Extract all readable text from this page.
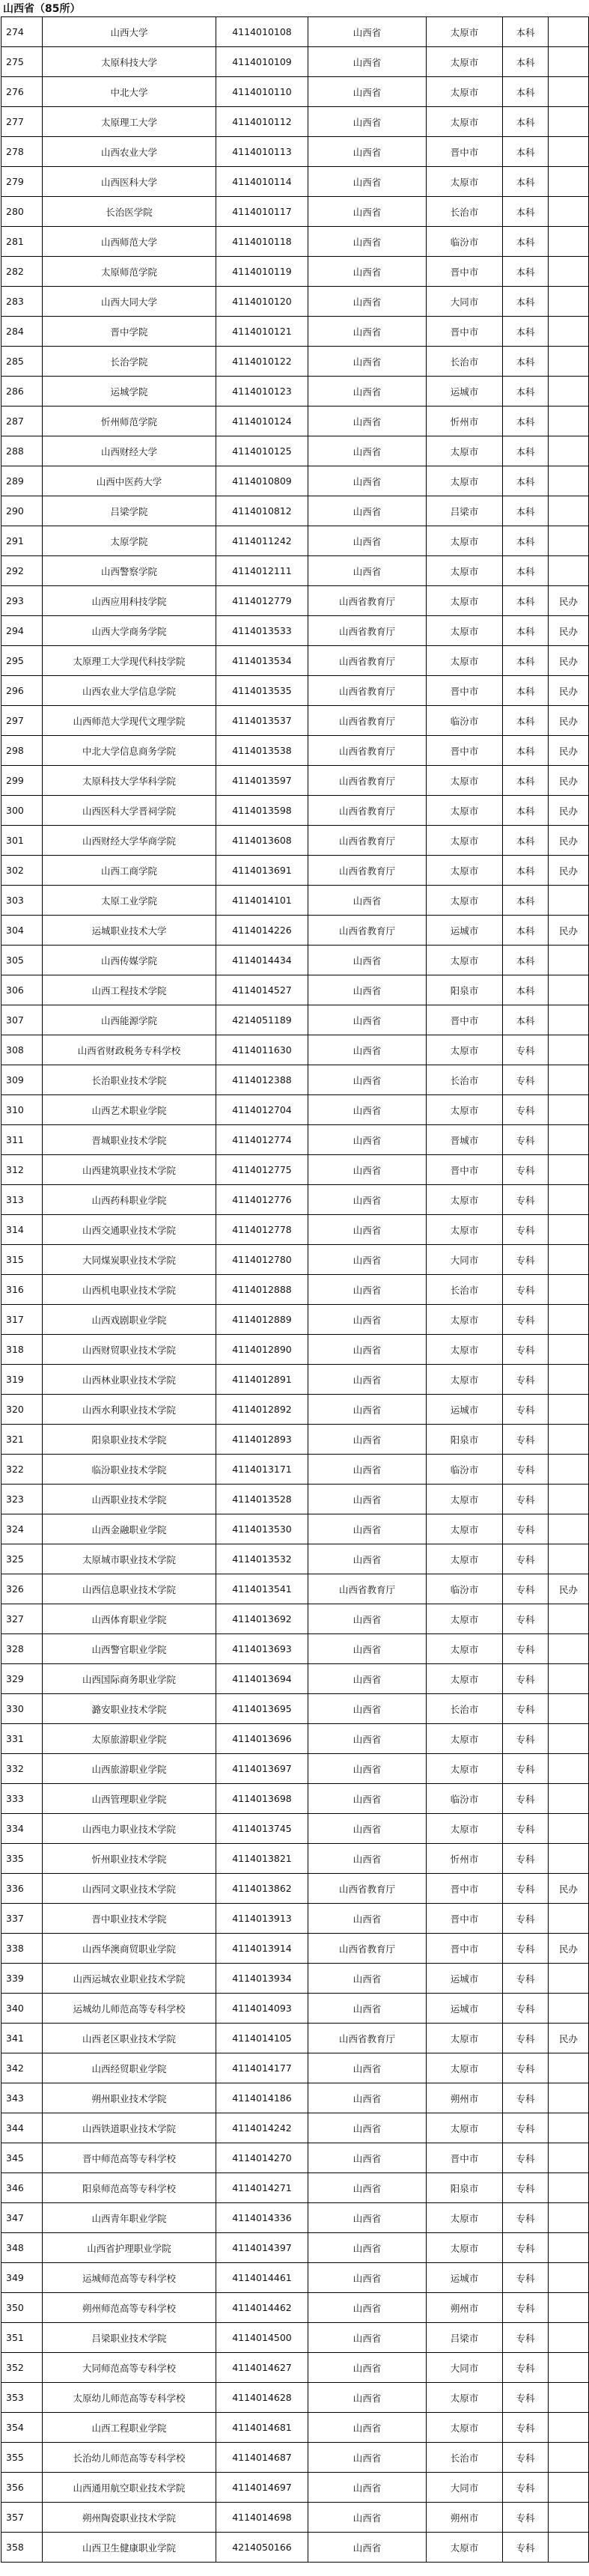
山西省（85所）
274	山西大学	4114010108	山西省	太原市	本科	
275	太原科技大学	4114010109	山西省	太原市	本科	
276	中北大学	4114010110	山西省	太原市	本科	
277	太原理工大学	4114010112	山西省	太原市	本科	
278	山西农业大学	4114010113	山西省	晋中市	本科	
279	山西医科大学	4114010114	山西省	太原市	本科	
280	长治医学院	4114010117	山西省	长治市	本科	
281	山西师范大学	4114010118	山西省	临汾市	本科	
282	太原师范学院	4114010119	山西省	晋中市	本科	
283	山西大同大学	4114010120	山西省	大同市	本科	
284	晋中学院	4114010121	山西省	晋中市	本科	
285	长治学院	4114010122	山西省	长治市	本科	
286	运城学院	4114010123	山西省	运城市	本科	
287	忻州师范学院	4114010124	山西省	忻州市	本科	
288	山西财经大学	4114010125	山西省	太原市	本科	
289	山西中医药大学	4114010809	山西省	太原市	本科	
290	吕梁学院	4114010812	山西省	吕梁市	本科	
291	太原学院	4114011242	山西省	太原市	本科	
292	山西警察学院	4114012111	山西省	太原市	本科	
293	山西应用科技学院	4114012779	山西省教育厅	太原市	本科	民办
294	山西大学商务学院	4114013533	山西省教育厅	太原市	本科	民办
295	太原理工大学现代科技学院	4114013534	山西省教育厅	太原市	本科	民办
296	山西农业大学信息学院	4114013535	山西省教育厅	晋中市	本科	民办
297	山西师范大学现代文理学院	4114013537	山西省教育厅	临汾市	本科	民办
298	中北大学信息商务学院	4114013538	山西省教育厅	晋中市	本科	民办
299	太原科技大学华科学院	4114013597	山西省教育厅	太原市	本科	民办
300	山西医科大学晋祠学院	4114013598	山西省教育厅	太原市	本科	民办
301	山西财经大学华商学院	4114013608	山西省教育厅	太原市	本科	民办
302	山西工商学院	4114013691	山西省教育厅	太原市	本科	民办
303	太原工业学院	4114014101	山西省	太原市	本科	
304	运城职业技术大学	4114014226	山西省教育厅	运城市	本科	民办
305	山西传媒学院	4114014434	山西省	太原市	本科	
306	山西工程技术学院	4114014527	山西省	阳泉市	本科	
307	山西能源学院	4214051189	山西省	晋中市	本科	
308	山西省财政税务专科学校	4114011630	山西省	太原市	专科	
309	长治职业技术学院	4114012388	山西省	长治市	专科	
310	山西艺术职业学院	4114012704	山西省	太原市	专科	
311	晋城职业技术学院	4114012774	山西省	晋城市	专科	
312	山西建筑职业技术学院	4114012775	山西省	晋中市	专科	
313	山西药科职业学院	4114012776	山西省	太原市	专科	
314	山西交通职业技术学院	4114012778	山西省	太原市	专科	
315	大同煤炭职业技术学院	4114012780	山西省	大同市	专科	
316	山西机电职业技术学院	4114012888	山西省	长治市	专科	
317	山西戏剧职业学院	4114012889	山西省	太原市	专科	
318	山西财贸职业技术学院	4114012890	山西省	太原市	专科	
319	山西林业职业技术学院	4114012891	山西省	太原市	专科	
320	山西水利职业技术学院	4114012892	山西省	运城市	专科	
321	阳泉职业技术学院	4114012893	山西省	阳泉市	专科	
322	临汾职业技术学院	4114013171	山西省	临汾市	专科	
323	山西职业技术学院	4114013528	山西省	太原市	专科	
324	山西金融职业学院	4114013530	山西省	太原市	专科	
325	太原城市职业技术学院	4114013532	山西省	太原市	专科	
326	山西信息职业技术学院	4114013541	山西省教育厅	临汾市	专科	民办
327	山西体育职业学院	4114013692	山西省	太原市	专科	
328	山西警官职业学院	4114013693	山西省	太原市	专科	
329	山西国际商务职业学院	4114013694	山西省	太原市	专科	
330	潞安职业技术学院	4114013695	山西省	长治市	专科	
331	太原旅游职业学院	4114013696	山西省	太原市	专科	
332	山西旅游职业学院	4114013697	山西省	太原市	专科	
333	山西管理职业学院	4114013698	山西省	临汾市	专科	
334	山西电力职业技术学院	4114013745	山西省	太原市	专科	
335	忻州职业技术学院	4114013821	山西省	忻州市	专科	
336	山西同文职业技术学院	4114013862	山西省教育厅	晋中市	专科	民办
337	晋中职业技术学院	4114013913	山西省	晋中市	专科	
338	山西华澳商贸职业学院	4114013914	山西省教育厅	晋中市	专科	民办
339	山西运城农业职业技术学院	4114013934	山西省	运城市	专科	
340	运城幼儿师范高等专科学校	4114014093	山西省	运城市	专科	
341	山西老区职业技术学院	4114014105	山西省教育厅	太原市	专科	民办
342	山西经贸职业学院	4114014177	山西省	太原市	专科	
343	朔州职业技术学院	4114014186	山西省	朔州市	专科	
344	山西铁道职业技术学院	4114014242	山西省	太原市	专科	
345	晋中师范高等专科学校	4114014270	山西省	晋中市	专科	
346	阳泉师范高等专科学校	4114014271	山西省	阳泉市	专科	
347	山西青年职业学院	4114014336	山西省	太原市	专科	
348	山西省护理职业学院	4114014397	山西省	太原市	专科	
349	运城师范高等专科学校	4114014461	山西省	运城市	专科	
350	朔州师范高等专科学校	4114014462	山西省	朔州市	专科	
351	吕梁职业技术学院	4114014500	山西省	吕梁市	专科	
352	大同师范高等专科学校	4114014627	山西省	大同市	专科	
353	太原幼儿师范高等专科学校	4114014628	山西省	太原市	专科	
354	山西工程职业学院	4114014681	山西省	太原市	专科	
355	长治幼儿师范高等专科学校	4114014687	山西省	长治市	专科	
356	山西通用航空职业技术学院	4114014697	山西省	大同市	专科	
357	朔州陶瓷职业技术学院	4114014698	山西省	朔州市	专科	
358	山西卫生健康职业学院	4214050166	山西省	太原市	专科	
